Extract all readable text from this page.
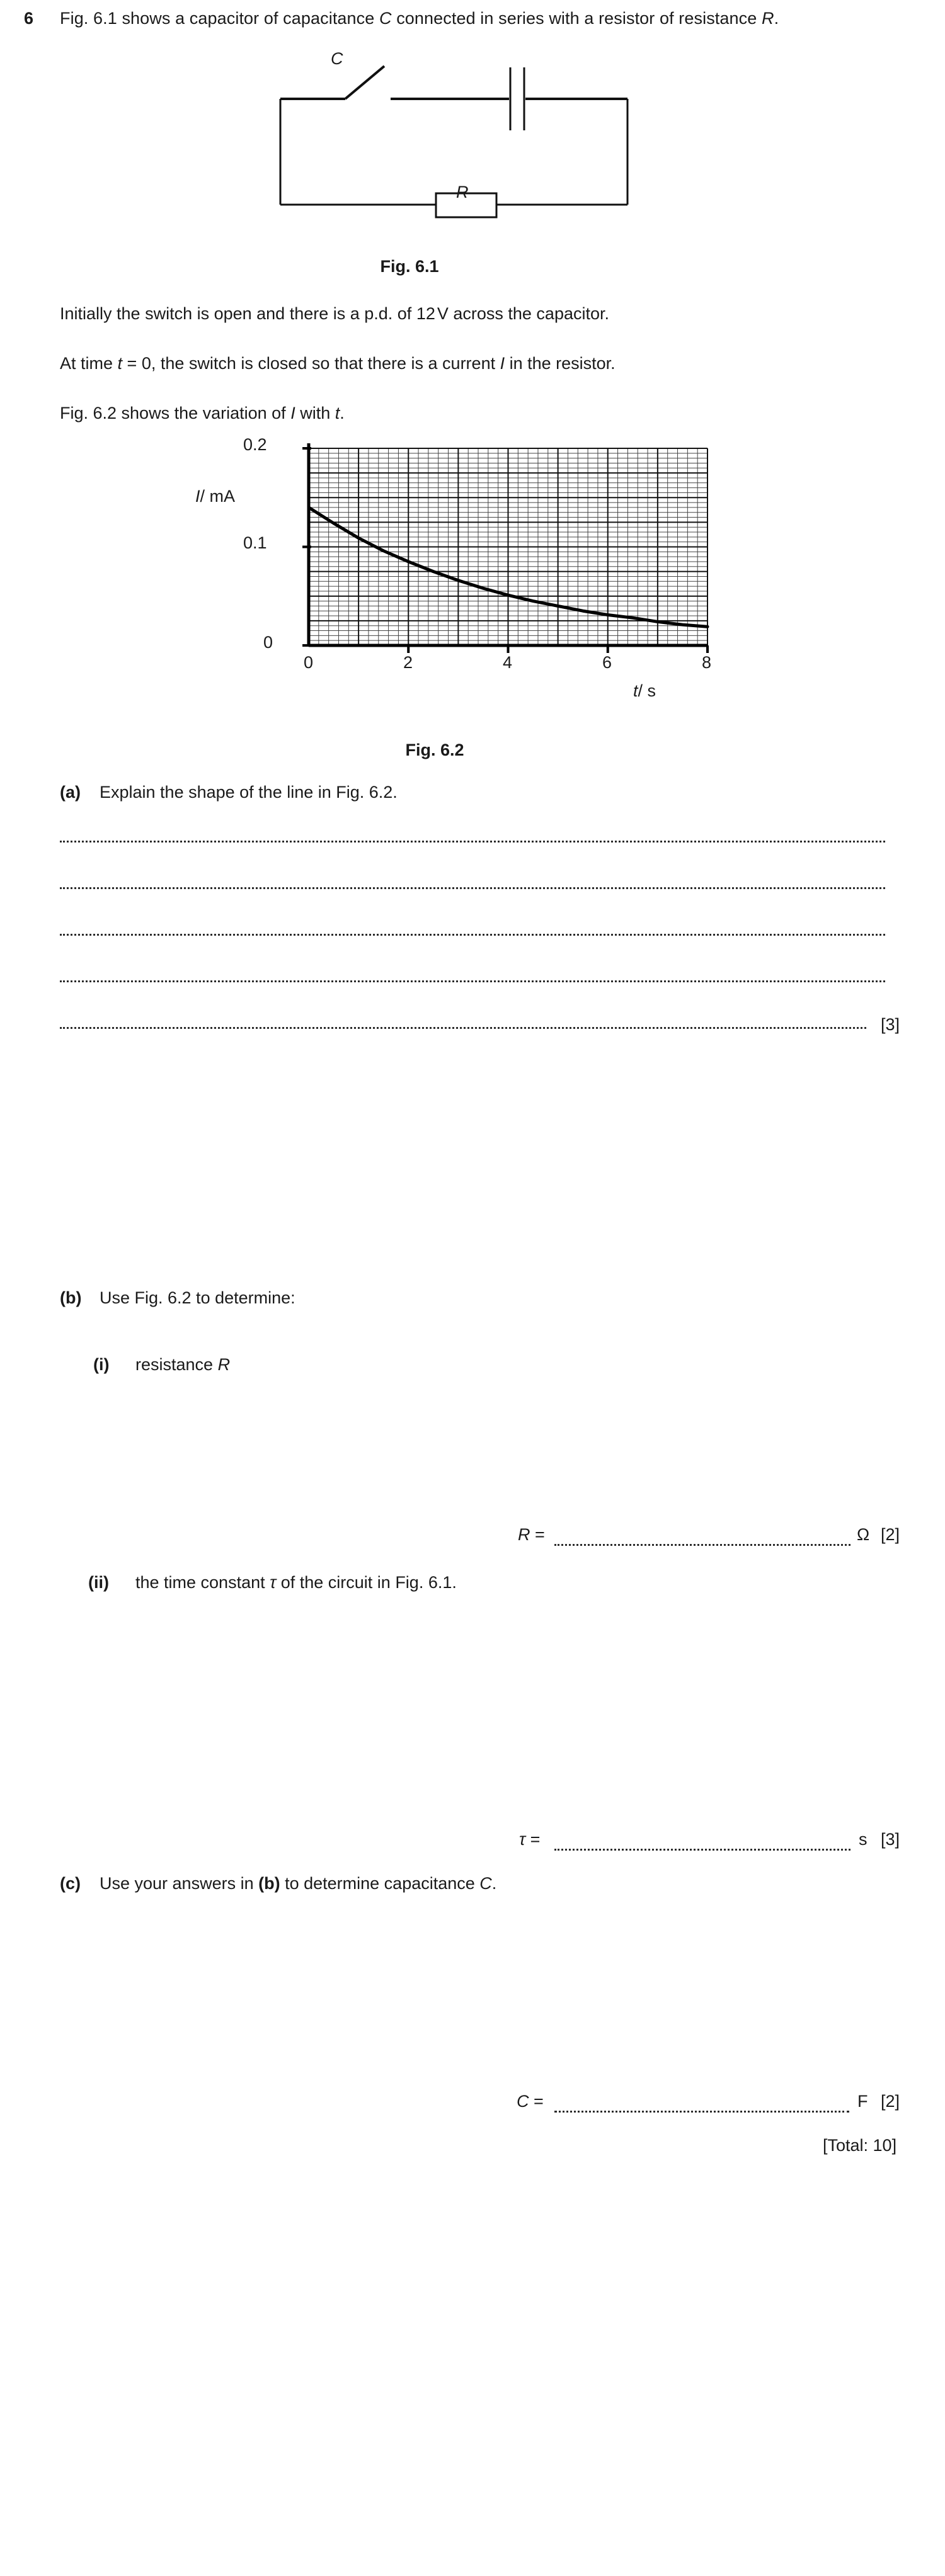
6 Fig. 6.1 shows a capacitor of capacitance C connected in series with a resistor of resistance R.
C
R
Fig. 6.1
Initially the switch is open and there is a p.d. of 12 V across the capacitor.
At time t = 0, the switch is closed so that there is a current I in the resistor.
Fig. 6.2 shows the variation of I with t.
0.2
0.1
0
I/ mA
0	2	4	6	8
t/ s
Fig. 6.2
(a) Explain the shape of the line in Fig. 6.2.
[3]
(b) Use Fig. 6.2 to determine:
(i) resistance R
R =	Ω [2]
(ii) the time constant τ of the circuit in Fig. 6.1.
τ =	s [3]
(c) Use your answers in (b) to determine capacitance C.
C =	F [2]
[Total: 10]
